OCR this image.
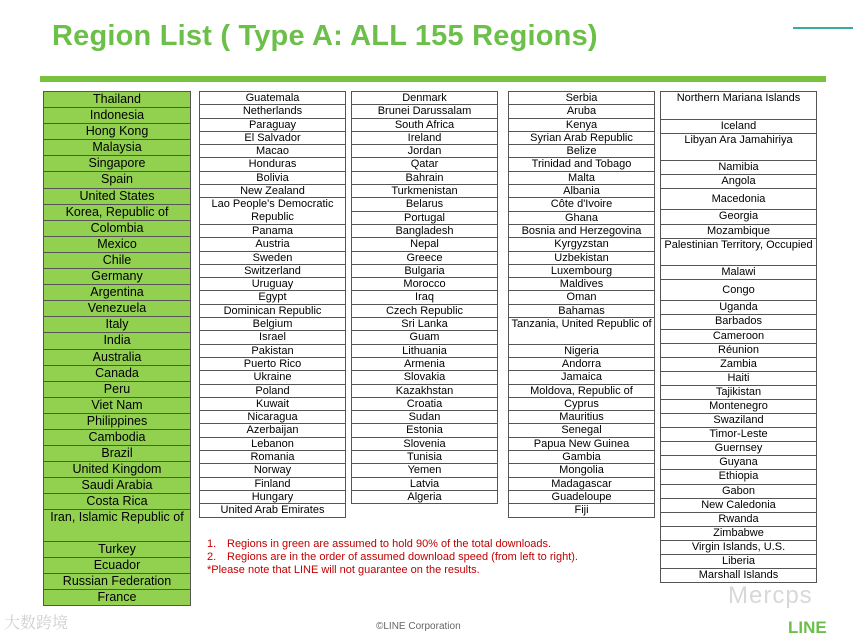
Region List ( Type A: ALL 155 Regions)
Thailand
Indonesia
Hong Kong
Malaysia
Singapore
Spain
United States
Korea, Republic of
Colombia
Mexico
Chile
Germany
Argentina
Venezuela
Italy
India
Australia
Canada
Peru
Viet Nam
Philippines
Cambodia
Brazil
United Kingdom
Saudi Arabia
Costa Rica
Iran, Islamic Republic of
Turkey
Ecuador
Russian Federation
France
Guatemala
Netherlands
Paraguay
El Salvador
Macao
Honduras
Bolivia
New Zealand
Lao People's Democratic Republic
Panama
Austria
Sweden
Switzerland
Uruguay
Egypt
Dominican Republic
Belgium
Israel
Pakistan
Puerto Rico
Ukraine
Poland
Kuwait
Nicaragua
Azerbaijan
Lebanon
Romania
Norway
Finland
Hungary
United Arab Emirates
Denmark
Brunei Darussalam
South Africa
Ireland
Jordan
Qatar
Bahrain
Turkmenistan
Belarus
Portugal
Bangladesh
Nepal
Greece
Bulgaria
Morocco
Iraq
Czech Republic
Sri Lanka
Guam
Lithuania
Armenia
Slovakia
Kazakhstan
Croatia
Sudan
Estonia
Slovenia
Tunisia
Yemen
Latvia
Algeria
Serbia
Aruba
Kenya
Syrian Arab Republic
Belize
Trinidad and Tobago
Malta
Albania
Côte d'Ivoire
Ghana
Bosnia and Herzegovina
Kyrgyzstan
Uzbekistan
Luxembourg
Maldives
Oman
Bahamas
Tanzania, United Republic of
Nigeria
Andorra
Jamaica
Moldova, Republic of
Cyprus
Mauritius
Senegal
Papua New Guinea
Gambia
Mongolia
Madagascar
Guadeloupe
Fiji
Northern Mariana Islands
Iceland
Libyan Ara Jamahiriya
Namibia
Angola
Macedonia
Georgia
Mozambique
Palestinian Territory, Occupied
Malawi
Congo
Uganda
Barbados
Cameroon
Réunion
Zambia
Haiti
Tajikistan
Montenegro
Swaziland
Timor-Leste
Guernsey
Guyana
Ethiopia
Gabon
New Caledonia
Rwanda
Zimbabwe
Virgin Islands, U.S.
Liberia
Marshall Islands
1. Regions in green are assumed to hold 90% of the total downloads.
2. Regions are in the order of assumed download speed (from left to right).
*Please note that LINE will not guarantee on the results.
大数跨境
Mercps
©LINE Corporation	LINE
